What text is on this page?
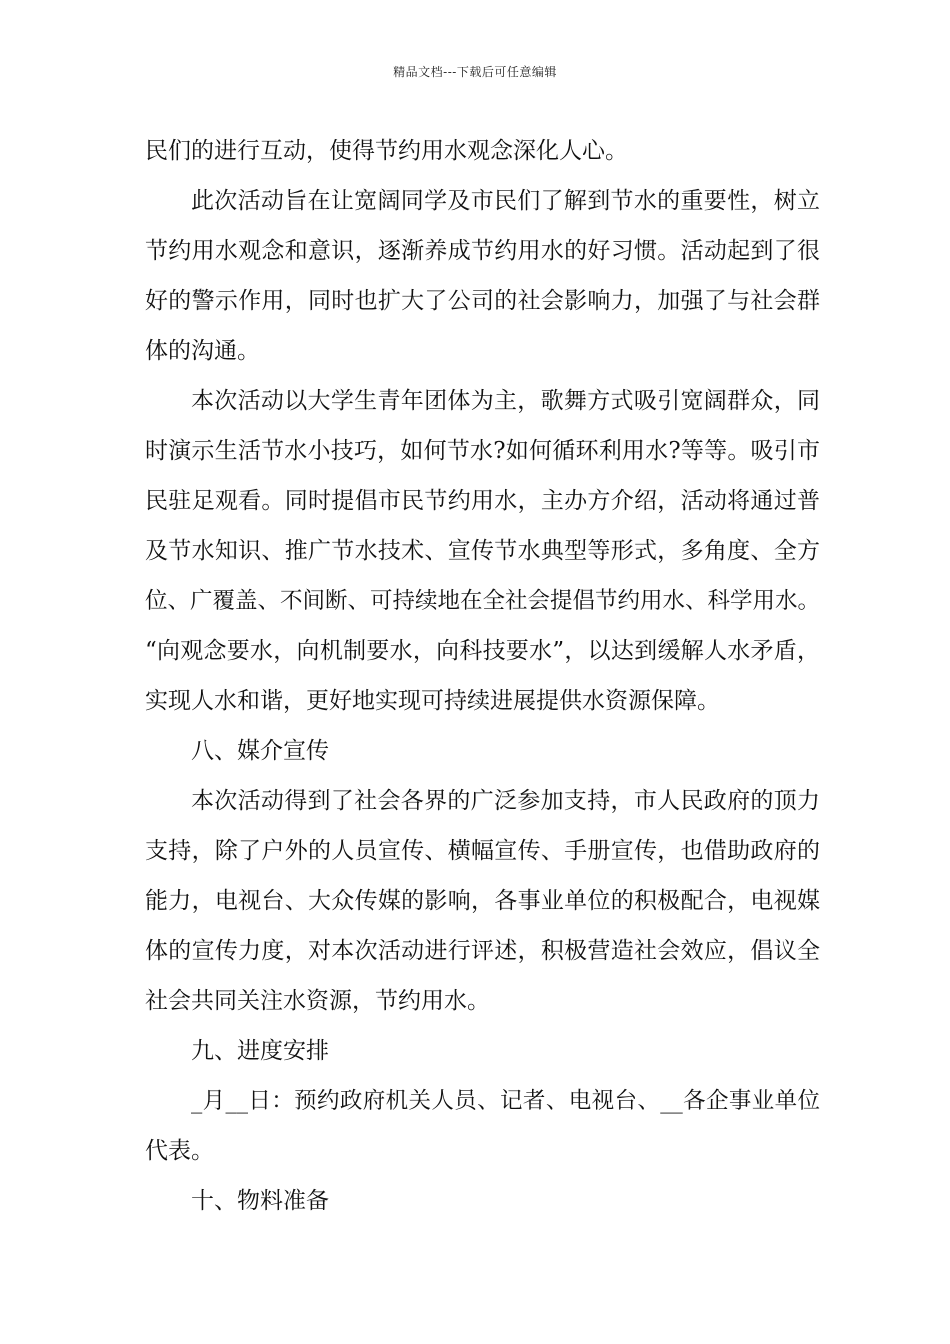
精品文档---下载后可任意编辑
民们的进行互动，使得节约用水观念深化人心。
此次活动旨在让宽阔同学及市民们了解到节水的重要性，树立
节约用水观念和意识，逐渐养成节约用水的好习惯。活动起到了很
好的警示作用，同时也扩大了公司的社会影响力，加强了与社会群
体的沟通。
本次活动以大学生青年团体为主，歌舞方式吸引宽阔群众，同
时演示生活节水小技巧，如何节水?如何循环利用水?等等。吸引市
民驻足观看。同时提倡市民节约用水，主办方介绍，活动将通过普
及节水知识、推广节水技术、宣传节水典型等形式，多角度、全方
位、广覆盖、不间断、可持续地在全社会提倡节约用水、科学用水。
“向观念要水，向机制要水，向科技要水”，以达到缓解人水矛盾，
实现人水和谐，更好地实现可持续进展提供水资源保障。
八、媒介宣传
本次活动得到了社会各界的广泛参加支持，市人民政府的顶力
支持，除了户外的人员宣传、横幅宣传、手册宣传，也借助政府的
能力，电视台、大众传媒的影响，各事业单位的积极配合，电视媒
体的宣传力度，对本次活动进行评述，积极营造社会效应，倡议全
社会共同关注水资源，节约用水。
九、进度安排
_月__日：预约政府机关人员、记者、电视台、__各企事业单位
代表。
十、物料准备
